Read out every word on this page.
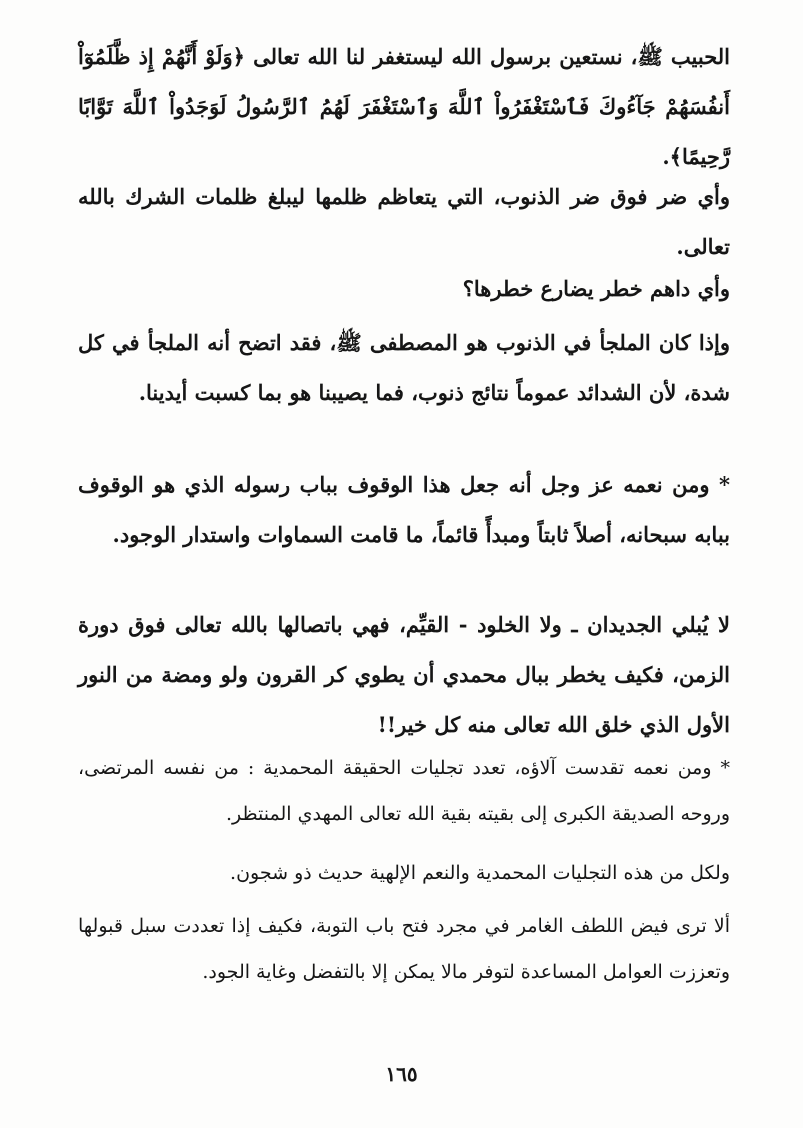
الحبيب ﷺ، نستعين برسول الله ليستغفر لنا الله تعالى ﴿وَلَوْ أَنَّهُمْ إِذ ظَّلَمُوٓاْ أَنفُسَهُمْ جَآءُوكَ فَٱسْتَغْفَرُواْ ٱللَّهَ وَٱسْتَغْفَرَ لَهُمُ ٱلرَّسُولُ لَوَجَدُواْ ٱللَّهَ تَوَّابًا رَّحِيمًا﴾.

وأي ضر فوق ضر الذنوب، التي يتعاظم ظلمها ليبلغ ظلمات الشرك بالله تعالى.

وأي داهم خطر يضارع خطرها؟

وإذا كان الملجأ في الذنوب هو المصطفى ﷺ، فقد اتضح أنه الملجأ في كل شدة، لأن الشدائد عموماً نتائج ذنوب، فما يصيبنا هو بما كسبت أيدينا.

* ومن نعمه عز وجل أنه جعل هذا الوقوف بباب رسوله الذي هو الوقوف ببابه سبحانه، أصلاً ثابتاً ومبدأً قائماً، ما قامت السماوات واستدار الوجود.

لا يُبلي الجديدان ـ ولا الخلود - القيِّم، فهي باتصالها بالله تعالى فوق دورة الزمن، فكيف يخطر ببال محمدي أن يطوي كر القرون ولو ومضة من النور الأول الذي خلق الله تعالى منه كل خير!!

* ومن نعمه تقدست آلاؤه، تعدد تجليات الحقيقة المحمدية : من نفسه المرتضى، وروحه الصديقة الكبرى إلى بقيته بقية الله تعالى المهدي المنتظر.

ولكل من هذه التجليات المحمدية والنعم الإلهية حديث ذو شجون.

ألا ترى فيض اللطف الغامر في مجرد فتح باب التوبة، فكيف إذا تعددت سبل قبولها وتعززت العوامل المساعدة لتوفر مالا يمكن إلا بالتفضل وغاية الجود.

١٦٥
